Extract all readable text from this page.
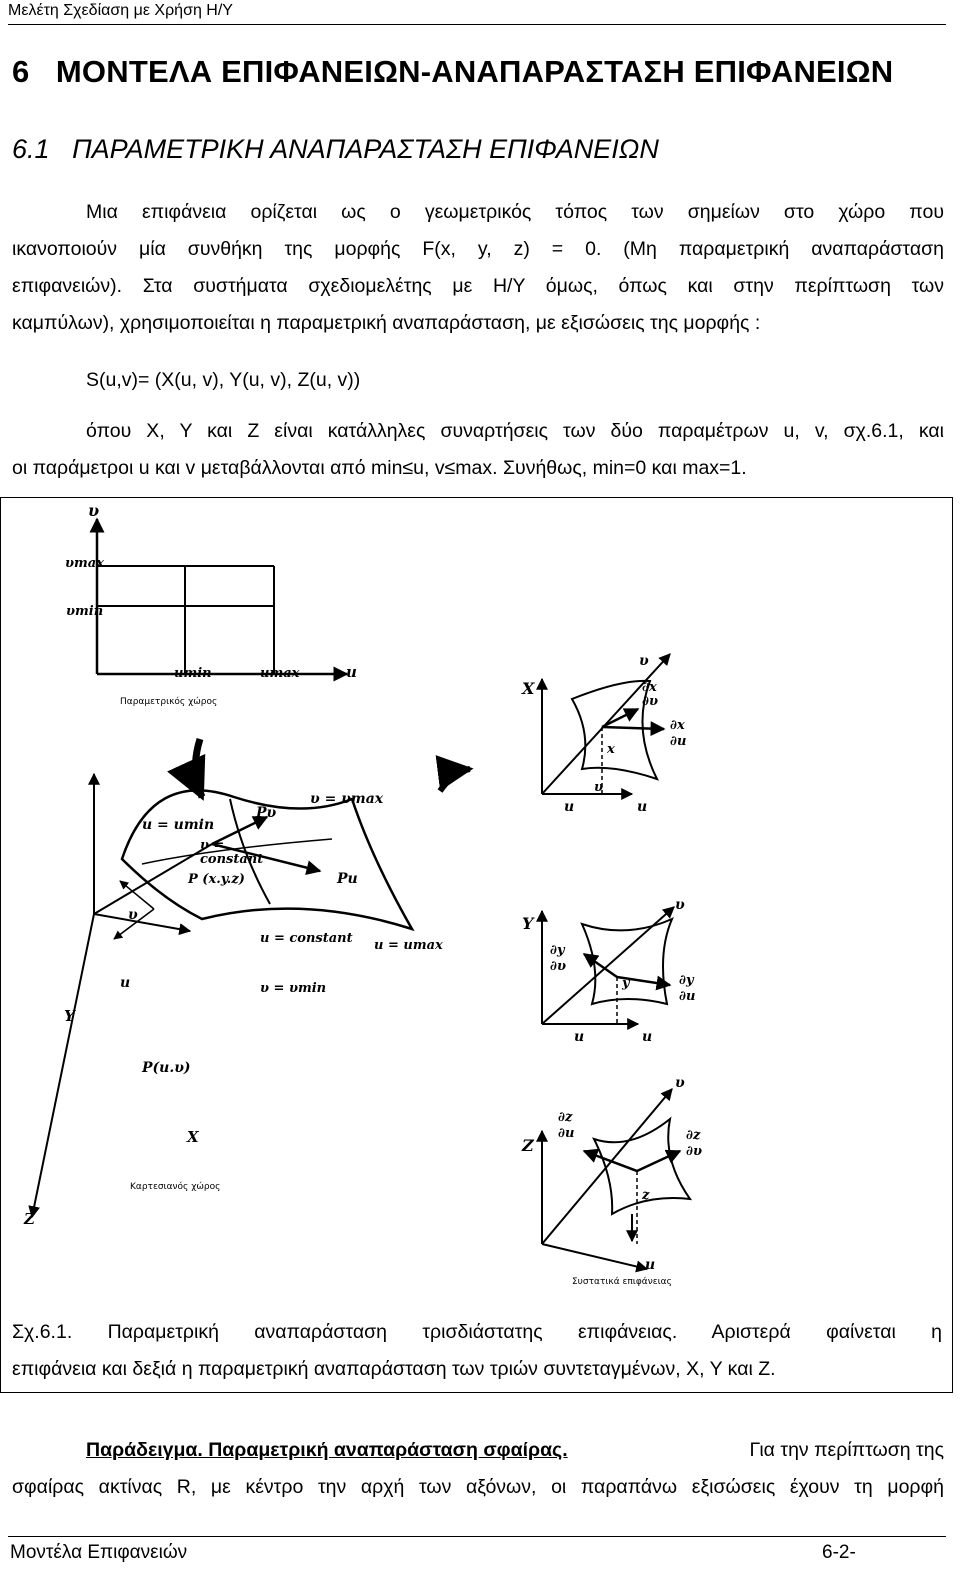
Μελέτη Σχεδίαση με Χρήση Η/Υ
6 ΜΟΝΤΕΛΑ ΕΠΙΦΑΝΕΙΩΝ-ΑΝΑΠΑΡΑΣΤΑΣΗ ΕΠΙΦΑΝΕΙΩΝ
6.1 ΠΑΡΑΜΕΤΡΙΚΗ ΑΝΑΠΑΡΑΣΤΑΣΗ ΕΠΙΦΑΝΕΙΩΝ
Μια επιφάνεια ορίζεται ως ο γεωμετρικός τόπος των σημείων στο χώρο που
ικανοποιούν μία συνθήκη της μορφής F(x, y, z) = 0. (Μη παραμετρική αναπαράσταση
επιφανειών). Στα συστήματα σχεδιομελέτης με Η/Υ όμως, όπως και στην περίπτωση των
καμπύλων), χρησιμοποιείται η παραμετρική αναπαράσταση, με εξισώσεις της μορφής :
S(u,v)= (X(u, v), Y(u, v), Z(u, v))
όπου X, Y και Z είναι κατάλληλες συναρτήσεις των δύο παραμέτρων u, v, σχ.6.1, και
οι παράμετροι u και v μεταβάλλονται από min≤u, v≤max. Συνήθως, min=0 και max=1.
υ
υmax
υmin
umin	umax	u
Παραμετρικός χώρος
u = umin
υ = υmax
Pυ
υ =
constant
P (x.y.z)	Pu
u = constant u = umax
υ = υmin
υ
u
Y
P(u.υ)
X
Z
Καρτεσιανός χώρος
X
υ
∂x
∂υ
∂x
∂u
x
υ
u	u
Y
υ
∂y
∂υ
∂y
∂u
y
u	u
Z
υ
∂z
∂u	∂z
∂υ
z
u
Συστατικά επιφάνειας
Σχ.6.1. Παραμετρική αναπαράσταση τρισδιάστατης επιφάνειας. Αριστερά φαίνεται η
επιφάνεια και δεξιά η παραμετρική αναπαράσταση των τριών συντεταγμένων, X, Y και Z.
Παράδειγμα. Παραμετρική αναπαράσταση σφαίρας.	Για την περίπτωση της
σφαίρας ακτίνας R, με κέντρο την αρχή των αξόνων, οι παραπάνω εξισώσεις έχουν τη μορφή
Μοντέλα Επιφανειών	6-2-
